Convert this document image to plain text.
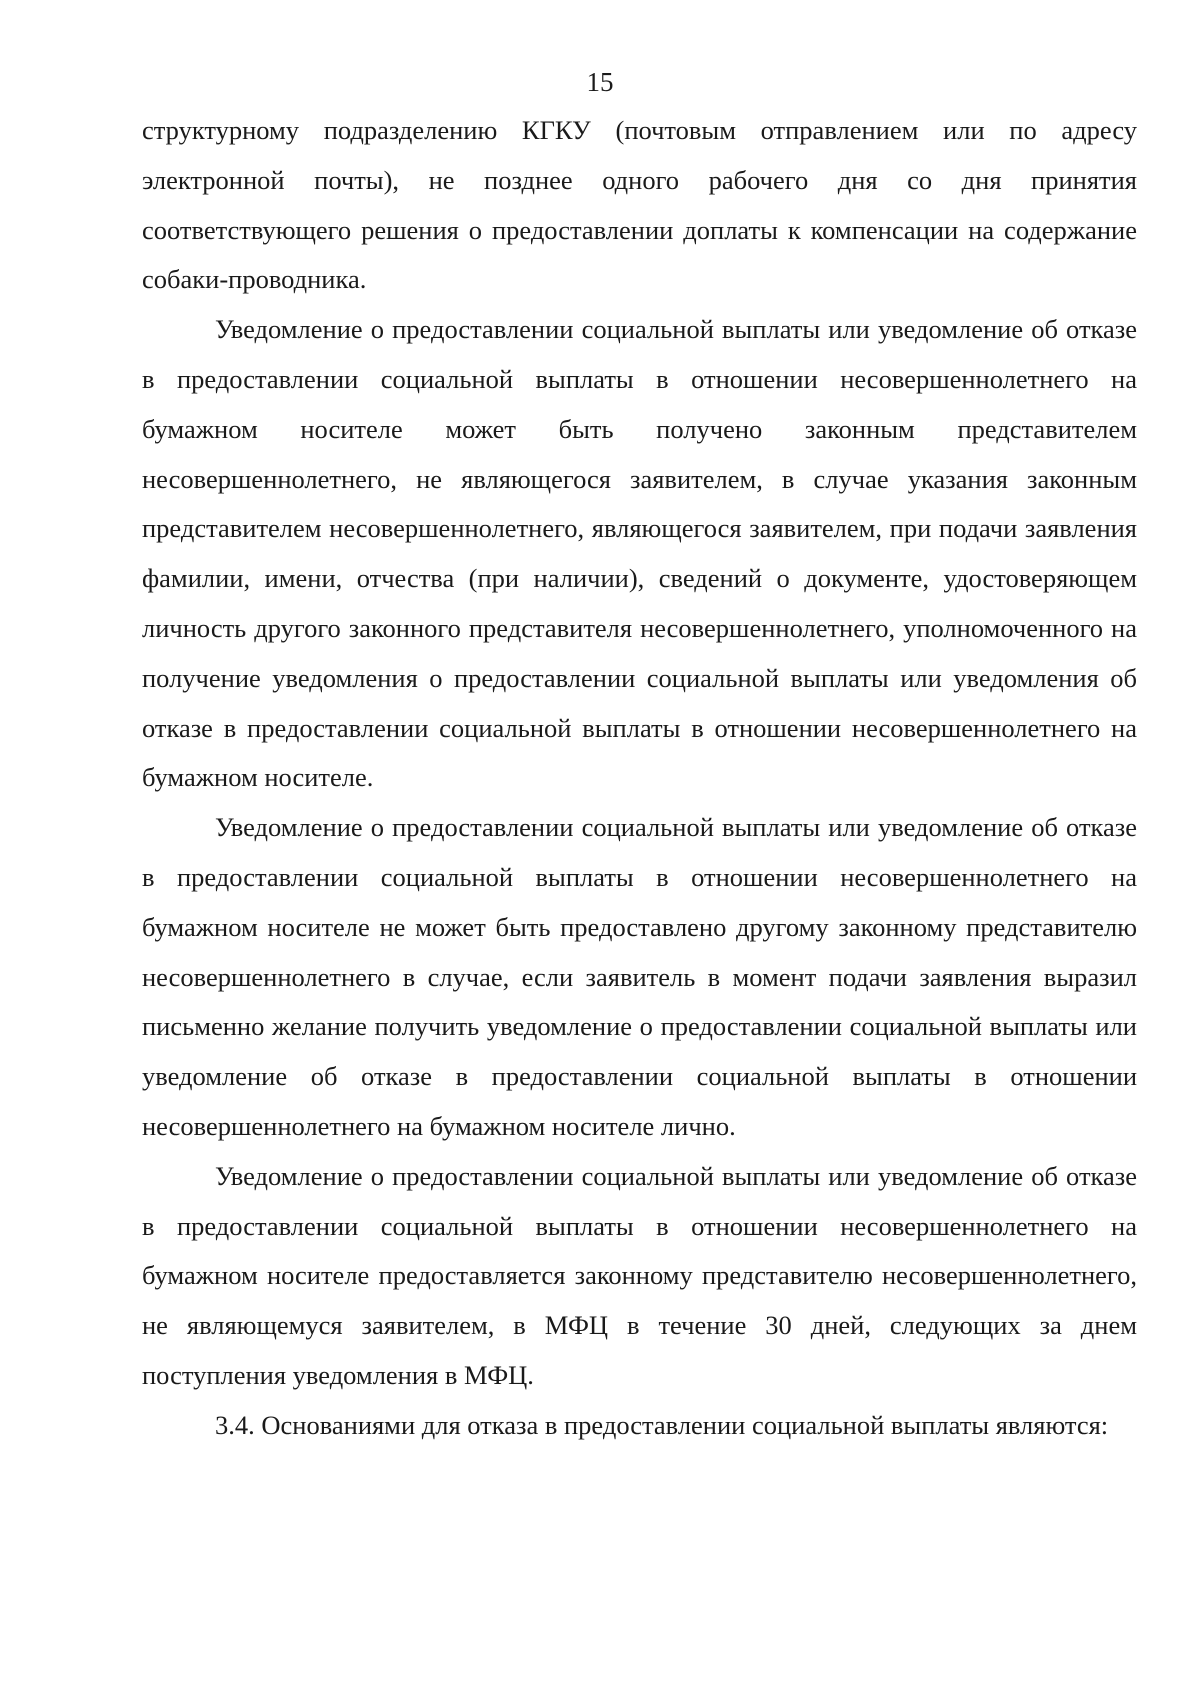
15

структурному подразделению КГКУ (почтовым отправлением или по адресу электронной почты), не позднее одного рабочего дня со дня принятия соответствующего решения о предоставлении доплаты к компенсации на содержание собаки-проводника.

Уведомление о предоставлении социальной выплаты или уведомление об отказе в предоставлении социальной выплаты в отношении несовершеннолетнего на бумажном носителе может быть получено законным представителем несовершеннолетнего, не являющегося заявителем, в случае указания законным представителем несовершеннолетнего, являющегося заявителем, при подачи заявления фамилии, имени, отчества (при наличии), сведений о документе, удостоверяющем личность другого законного представителя несовершеннолетнего, уполномоченного на получение уведомления о предоставлении социальной выплаты или уведомления об отказе в предоставлении социальной выплаты в отношении несовершеннолетнего на бумажном носителе.

Уведомление о предоставлении социальной выплаты или уведомление об отказе в предоставлении социальной выплаты в отношении несовершеннолетнего на бумажном носителе не может быть предоставлено другому законному представителю несовершеннолетнего в случае, если заявитель в момент подачи заявления выразил письменно желание получить уведомление о предоставлении социальной выплаты или уведомление об отказе в предоставлении социальной выплаты в отношении несовершеннолетнего на бумажном носителе лично.

Уведомление о предоставлении социальной выплаты или уведомление об отказе в предоставлении социальной выплаты в отношении несовершеннолетнего на бумажном носителе предоставляется законному представителю несовершеннолетнего, не являющемуся заявителем, в МФЦ в течение 30 дней, следующих за днем поступления уведомления в МФЦ.

3.4. Основаниями для отказа в предоставлении социальной выплаты являются:
